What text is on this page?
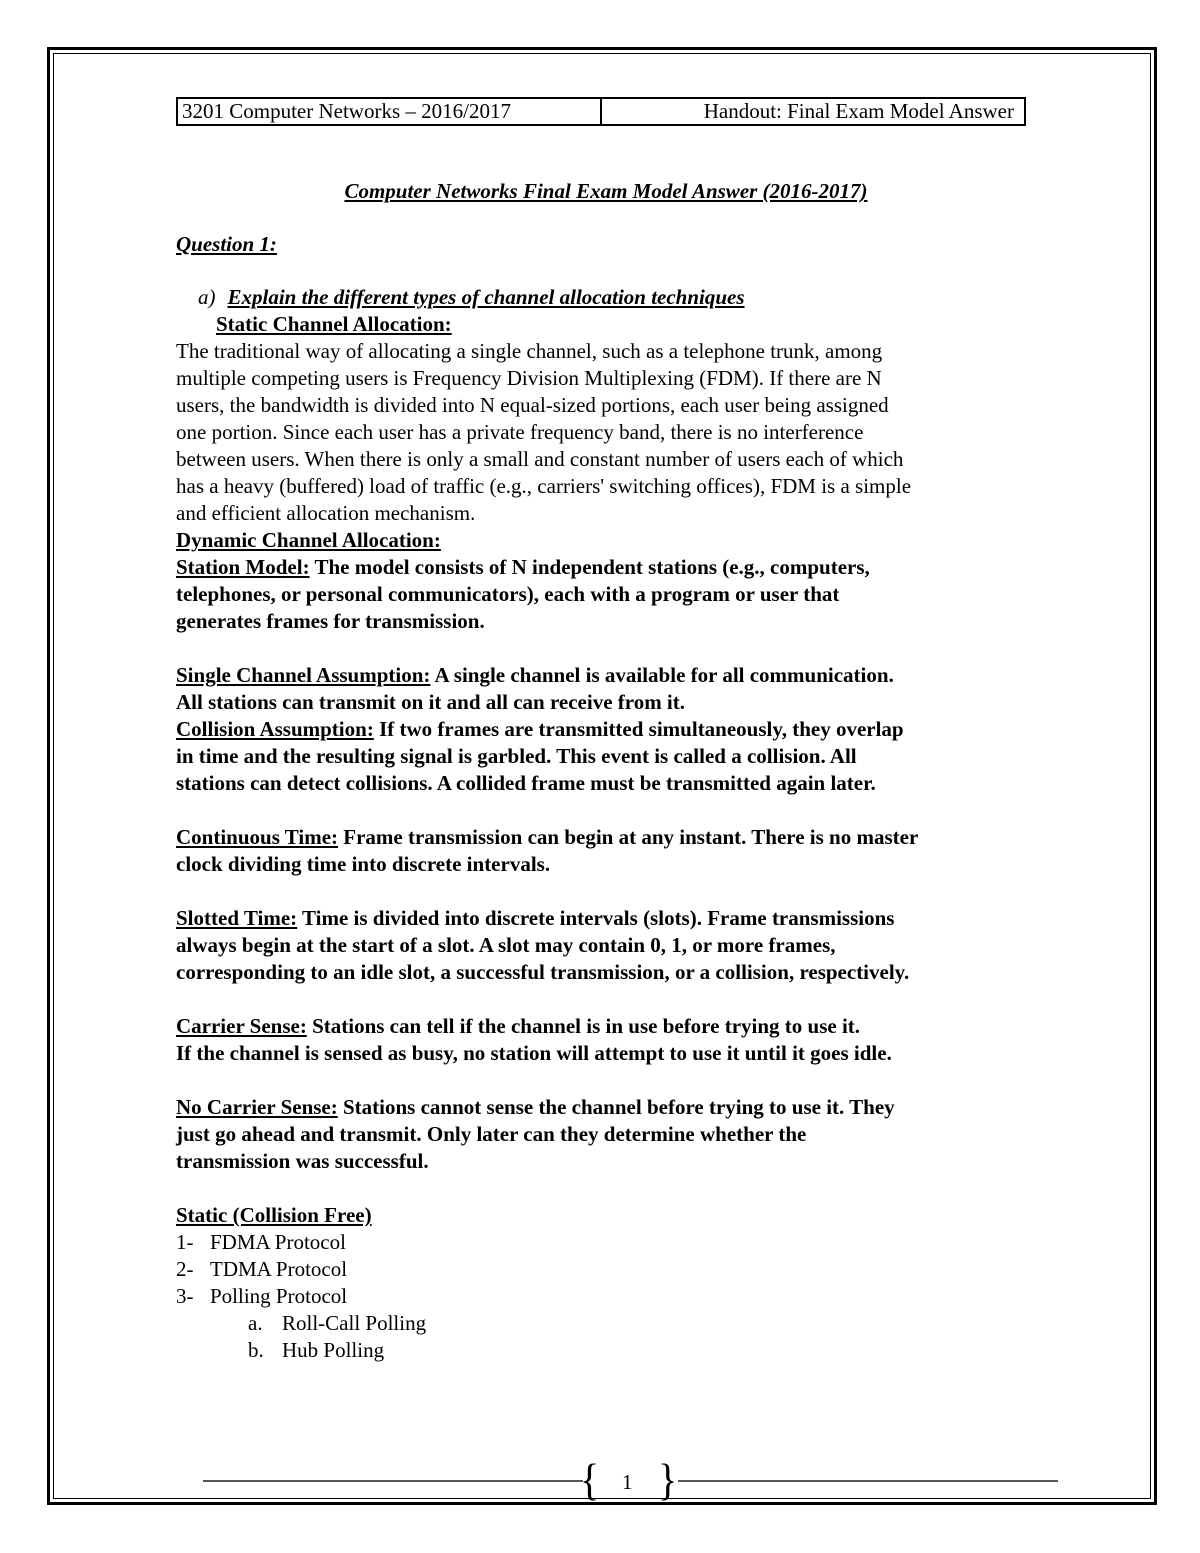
3201 Computer Networks – 2016/2017	Handout: Final Exam Model Answer
Computer Networks Final Exam Model Answer (2016-2017)
Question 1:
a) Explain the different types of channel allocation techniques
Static Channel Allocation:
The traditional way of allocating a single channel, such as a telephone trunk, among
multiple competing users is Frequency Division Multiplexing (FDM). If there are N
users, the bandwidth is divided into N equal-sized portions, each user being assigned
one portion. Since each user has a private frequency band, there is no interference
between users. When there is only a small and constant number of users each of which
has a heavy (buffered) load of traffic (e.g., carriers' switching offices), FDM is a simple
and efficient allocation mechanism.
Dynamic Channel Allocation:
Station Model: The model consists of N independent stations (e.g., computers,
telephones, or personal communicators), each with a program or user that
generates frames for transmission.
Single Channel Assumption: A single channel is available for all communication.
All stations can transmit on it and all can receive from it.
Collision Assumption: If two frames are transmitted simultaneously, they overlap
in time and the resulting signal is garbled. This event is called a collision. All
stations can detect collisions. A collided frame must be transmitted again later.
Continuous Time: Frame transmission can begin at any instant. There is no master
clock dividing time into discrete intervals.
Slotted Time: Time is divided into discrete intervals (slots). Frame transmissions
always begin at the start of a slot. A slot may contain 0, 1, or more frames,
corresponding to an idle slot, a successful transmission, or a collision, respectively.
Carrier Sense: Stations can tell if the channel is in use before trying to use it.
If the channel is sensed as busy, no station will attempt to use it until it goes idle.
No Carrier Sense: Stations cannot sense the channel before trying to use it. They
just go ahead and transmit. Only later can they determine whether the
transmission was successful.
Static (Collision Free)
1- FDMA Protocol
2- TDMA Protocol
3- Polling Protocol
a. Roll-Call Polling
b. Hub Polling
{ }
1
